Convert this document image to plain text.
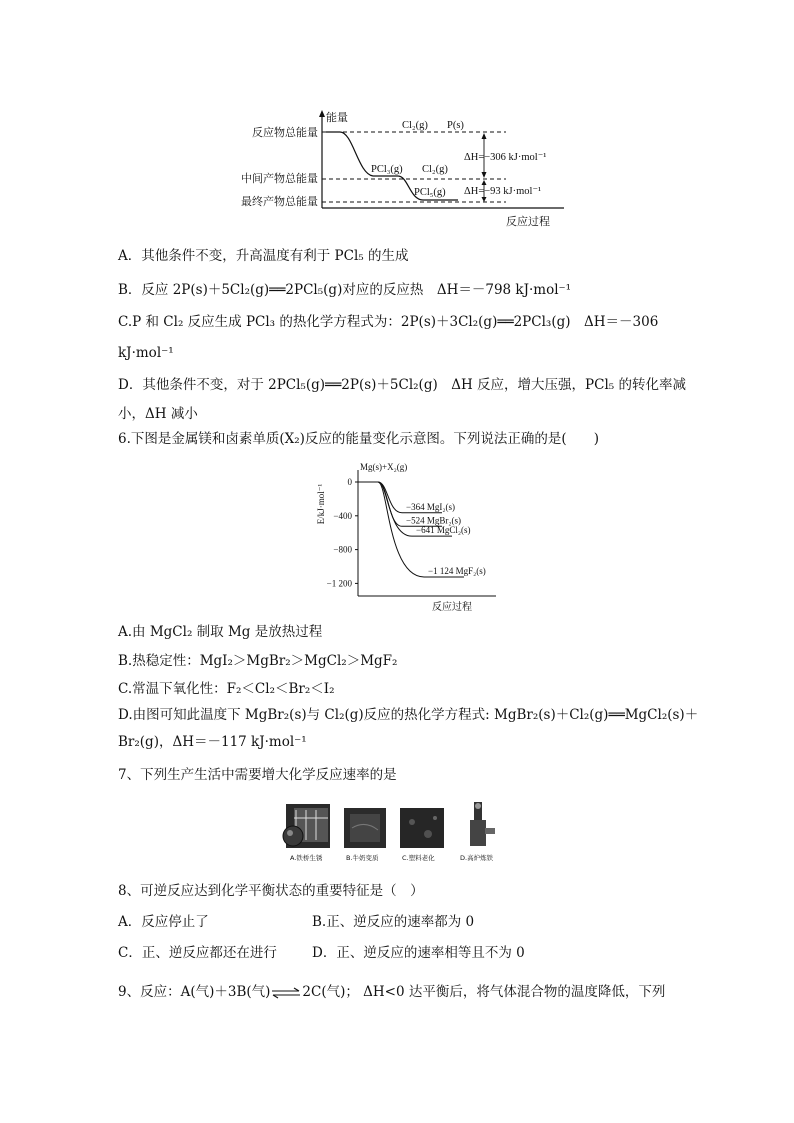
能量
反应过程
反应物总能量
中间产物总能量
最终产物总能量
Cl₂(g) P(s)
PCl₃(g) Cl₂(g)
PCl₅(g)
ΔH=−306 kJ·mol⁻¹
ΔH=−93 kJ·mol⁻¹
A．其他条件不变，升高温度有利于 PCl₅ 的生成
B．反应 2P(s)＋5Cl₂(g)══2PCl₅(g)对应的反应热　ΔH＝－798 kJ·mol⁻¹
C.P 和 Cl₂ 反应生成 PCl₃ 的热化学方程式为：2P(s)＋3Cl₂(g)══2PCl₃(g)　ΔH＝－306
kJ·mol⁻¹
D．其他条件不变，对于 2PCl₅(g)══2P(s)＋5Cl₂(g)　ΔH 反应，增大压强，PCl₅ 的转化率减
小，ΔH 减小
6.下图是金属镁和卤素单质(X₂)反应的能量变化示意图。下列说法正确的是(　　)
E/kJ·mol⁻¹
反应过程
Mg(s)+X₂(g)
0
−400
−800
−1 200
−364 MgI₂(s)
−524 MgBr₂(s)
−641 MgCl₂(s)
−1 124 MgF₂(s)
A.由 MgCl₂ 制取 Mg 是放热过程
B.热稳定性：MgI₂＞MgBr₂＞MgCl₂＞MgF₂
C.常温下氧化性：F₂＜Cl₂＜Br₂＜I₂
D.由图可知此温度下 MgBr₂(s)与 Cl₂(g)反应的热化学方程式: MgBr₂(s)＋Cl₂(g)══MgCl₂(s)＋
Br₂(g)，ΔH＝－117 kJ·mol⁻¹
7、下列生产生活中需要增大化学反应速率的是
A.铁桥生锈	B.牛奶变质	C.塑料老化	D.高炉炼铁
8、可逆反应达到化学平衡状态的重要特征是（　）
A．反应停止了	B.正、逆反应的速率都为 0
C．正、逆反应都还在进行	D．正、逆反应的速率相等且不为 0
9、反应：A(气)＋3B(气)⇌2C(气)； ΔH<0 达平衡后，将气体混合物的温度降低，下列
